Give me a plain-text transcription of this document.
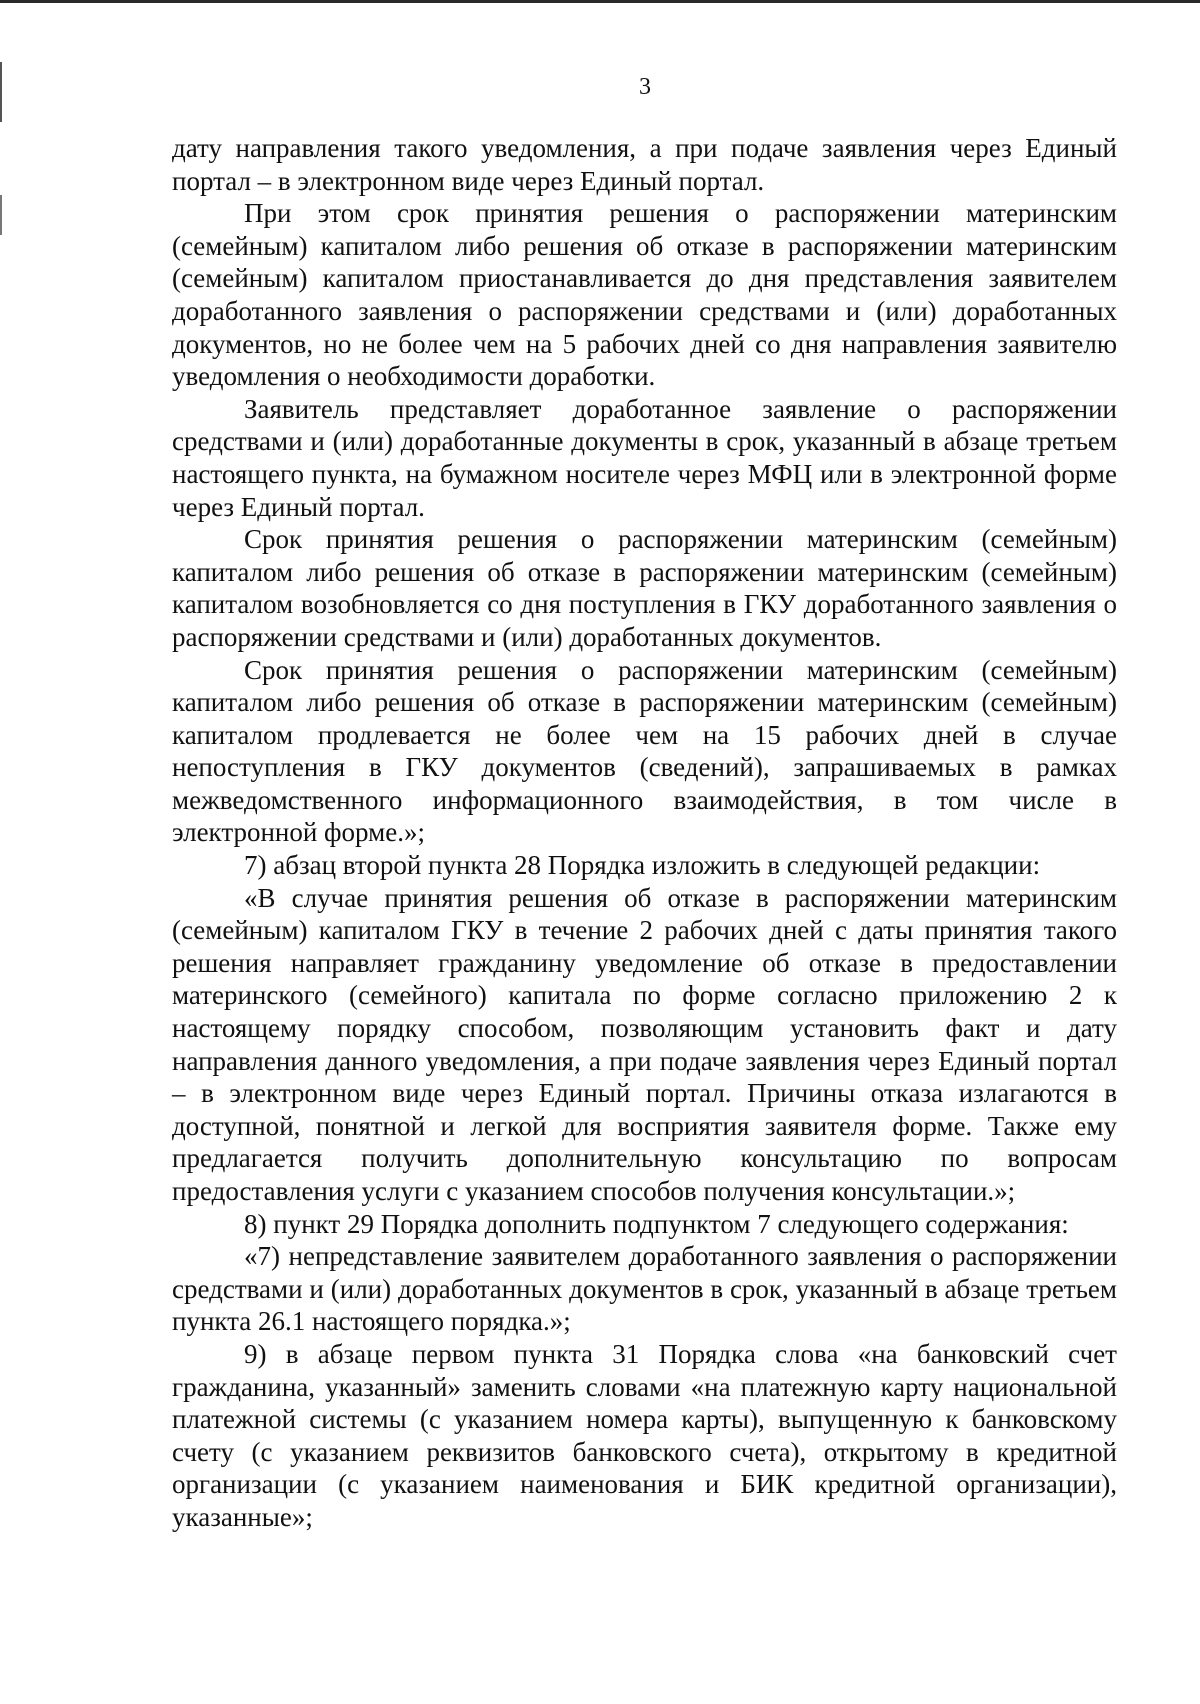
3

дату направления такого уведомления, а при подаче заявления через Единый портал – в электронном виде через Единый портал.

При этом срок принятия решения о распоряжении материнским (семейным) капиталом либо решения об отказе в распоряжении материнским (семейным) капиталом приостанавливается до дня представления заявителем доработанного заявления о распоряжении средствами и (или) доработанных документов, но не более чем на 5 рабочих дней со дня направления заявителю уведомления о необходимости доработки.

Заявитель представляет доработанное заявление о распоряжении средствами и (или) доработанные документы в срок, указанный в абзаце третьем настоящего пункта, на бумажном носителе через МФЦ или в электронной форме через Единый портал.

Срок принятия решения о распоряжении материнским (семейным) капиталом либо решения об отказе в распоряжении материнским (семейным) капиталом возобновляется со дня поступления в ГКУ доработанного заявления о распоряжении средствами и (или) доработанных документов.

Срок принятия решения о распоряжении материнским (семейным) капиталом либо решения об отказе в распоряжении материнским (семейным) капиталом продлевается не более чем на 15 рабочих дней в случае непоступления в ГКУ документов (сведений), запрашиваемых в рамках межведомственного информационного взаимодействия, в том числе в электронной форме.»;

7) абзац второй пункта 28 Порядка изложить в следующей редакции:

«В случае принятия решения об отказе в распоряжении материнским (семейным) капиталом ГКУ в течение 2 рабочих дней с даты принятия такого решения направляет гражданину уведомление об отказе в предоставлении материнского (семейного) капитала по форме согласно приложению 2 к настоящему порядку способом, позволяющим установить факт и дату направления данного уведомления, а при подаче заявления через Единый портал – в электронном виде через Единый портал. Причины отказа излагаются в доступной, понятной и легкой для восприятия заявителя форме. Также ему предлагается получить дополнительную консультацию по вопросам предоставления услуги с указанием способов получения консультации.»;

8) пункт 29 Порядка дополнить подпунктом 7 следующего содержания:

«7) непредставление заявителем доработанного заявления о распоряжении средствами и (или) доработанных документов в срок, указанный в абзаце третьем пункта 26.1 настоящего порядка.»;

9) в абзаце первом пункта 31 Порядка слова «на банковский счет гражданина, указанный» заменить словами «на платежную карту национальной платежной системы (с указанием номера карты), выпущенную к банковскому счету (с указанием реквизитов банковского счета), открытому в кредитной организации (с указанием наименования и БИК кредитной организации), указанные»;
